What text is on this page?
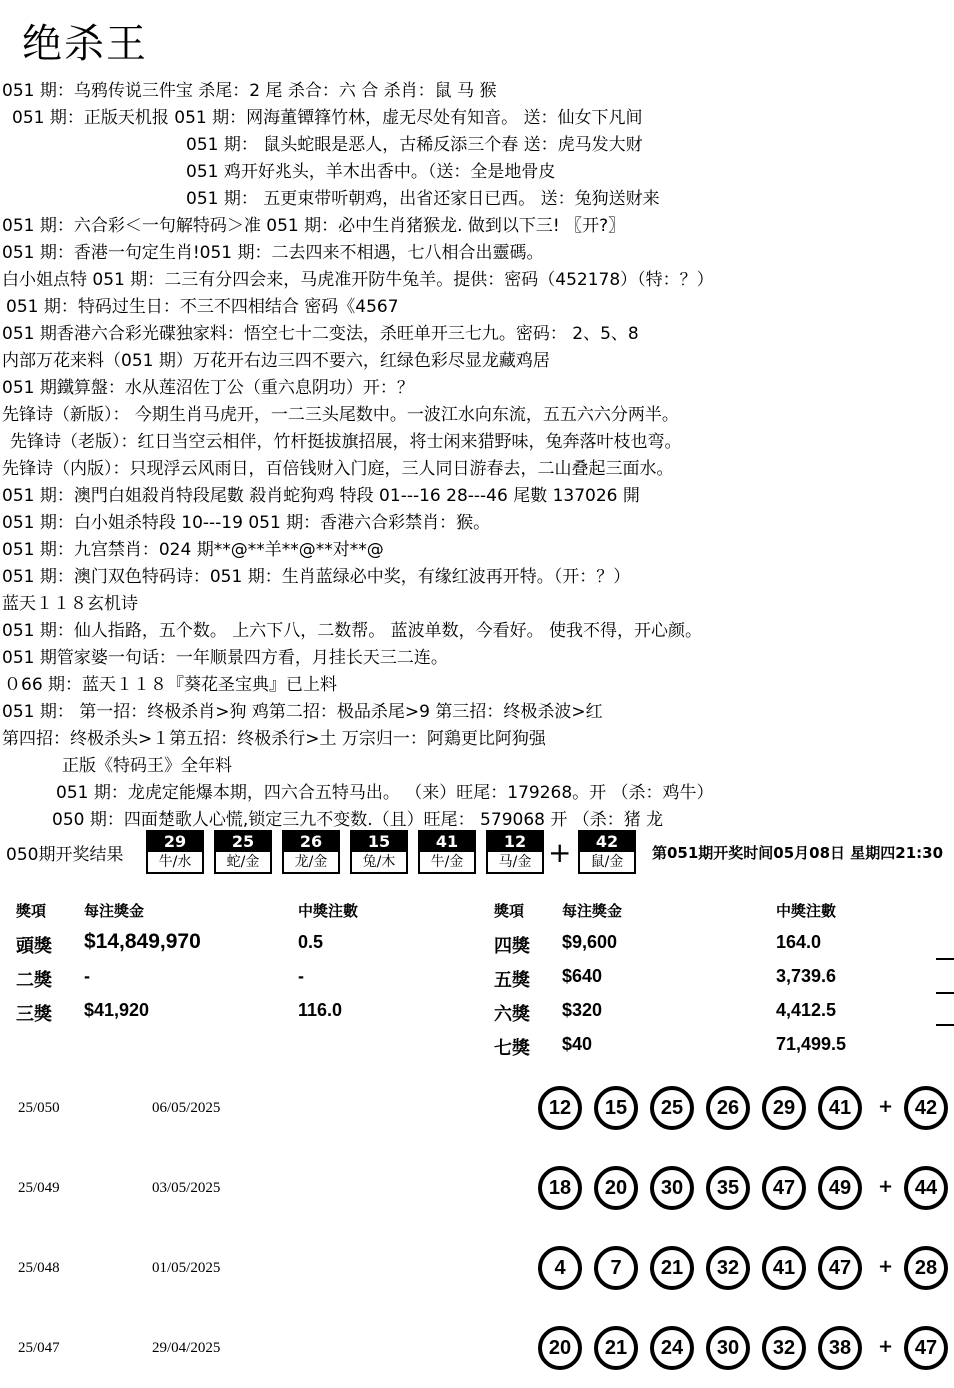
绝杀王
051 期：乌鸦传说三件宝 杀尾：2 尾 杀合：六 合 杀肖：鼠 马 猴
051 期：正版天机报 051 期：网海董镡箨竹林，虚无尽处有知音。 送：仙女下凡间
051 期： 鼠头蛇眼是恶人，古稀反添三个春 送：虎马发大财
051 鸡开好兆头，羊木出香中。（送：全是地骨皮
051 期： 五更束带听朝鸡，出省还家日已西。 送：兔狗送财来
051 期：六合彩＜一句解特码＞准 051 期：必中生肖猪猴龙. 做到以下三! 〖开?〗
051 期：香港一句定生肖!051 期：二去四来不相遇，七八相合出靈碼。
白小姐点特 051 期：二三有分四会来，马虎准开防牛兔羊。提供：密码（452178）（特：？）
051 期：特码过生日：不三不四相结合 密码《4567
051 期香港六合彩光碟独家料：悟空七十二变法，杀旺单开三七九。密码： 2、5、8
内部万花来料（051 期）万花开右边三四不要六，红绿色彩尽显龙藏鸡居
051 期鐵算盤：水从莲沼佐丁公（重六息阴功）开：？
先锋诗（新版）： 今期生肖马虎开，一二三头尾数中。一波江水向东流，五五六六分两半。
先锋诗（老版）：红日当空云相伴，竹杆挺拔旗招展，将士闲来猎野味，兔奔落叶枝也弯。
先锋诗（内版）：只现浮云风雨日，百倍钱财入门庭，三人同日游春去，二山叠起三面水。
051 期：澳門白姐殺肖特段尾數 殺肖蛇狗鸡 特段 01---16 28---46 尾數 137026 開
051 期：白小姐杀特段 10---19 051 期：香港六合彩禁肖：猴。
051 期：九宫禁肖：024 期**@**羊**@**对**@
051 期：澳门双色特码诗：051 期：生肖蓝绿必中奖，有缘红波再开特。（开：？）
蓝天１１８玄机诗
051 期：仙人指路，五个数。 上六下八，二数帮。 蓝波单数，今看好。 使我不得，开心颜。
051 期管家婆一句话：一年顺景四方看，月挂长天三二连。
０66 期：蓝天１１８『葵花圣宝典』已上料
051 期： 第一招：终极杀肖>狗 鸡第二招：极品杀尾>9 第三招：终极杀波>红
第四招：终极杀头>１第五招：终极杀行>土 万宗归一：阿鶏更比阿狗强
正版《特码王》全年料
051 期：龙虎定能爆本期，四六合五特马出。 （来）旺尾：179268。开 （杀：鸡牛）
050 期：四面楚歌人心慌,锁定三九不变数.（且）旺尾： 579068 开 （杀：猪 龙
050期开奖结果
29
牛/水
25
蛇/金
26
龙/金
15
兔/木
41
牛/金
12
马/金
42
鼠/金
+	第051期开奖时间05月08日 星期四21:30
獎項	每注獎金	中獎注數	獎項	每注獎金	中獎注數
頭獎 $14,849,970	0.5
二獎 -	-
三獎 $41,920	116.0
四獎 $9,600	164.0
五獎 $640	3,739.6
六獎 $320	4,412.5
七獎 $40	71,499.5
25/050	06/05/2025	12	15	25	26	29	41	+	42
25/049	03/05/2025	18	20	30	35	47	49	+	44
25/048	01/05/2025	4	7	21	32	41	47	+	28
25/047	29/04/2025	20	21	24	30	32	38	+	47
